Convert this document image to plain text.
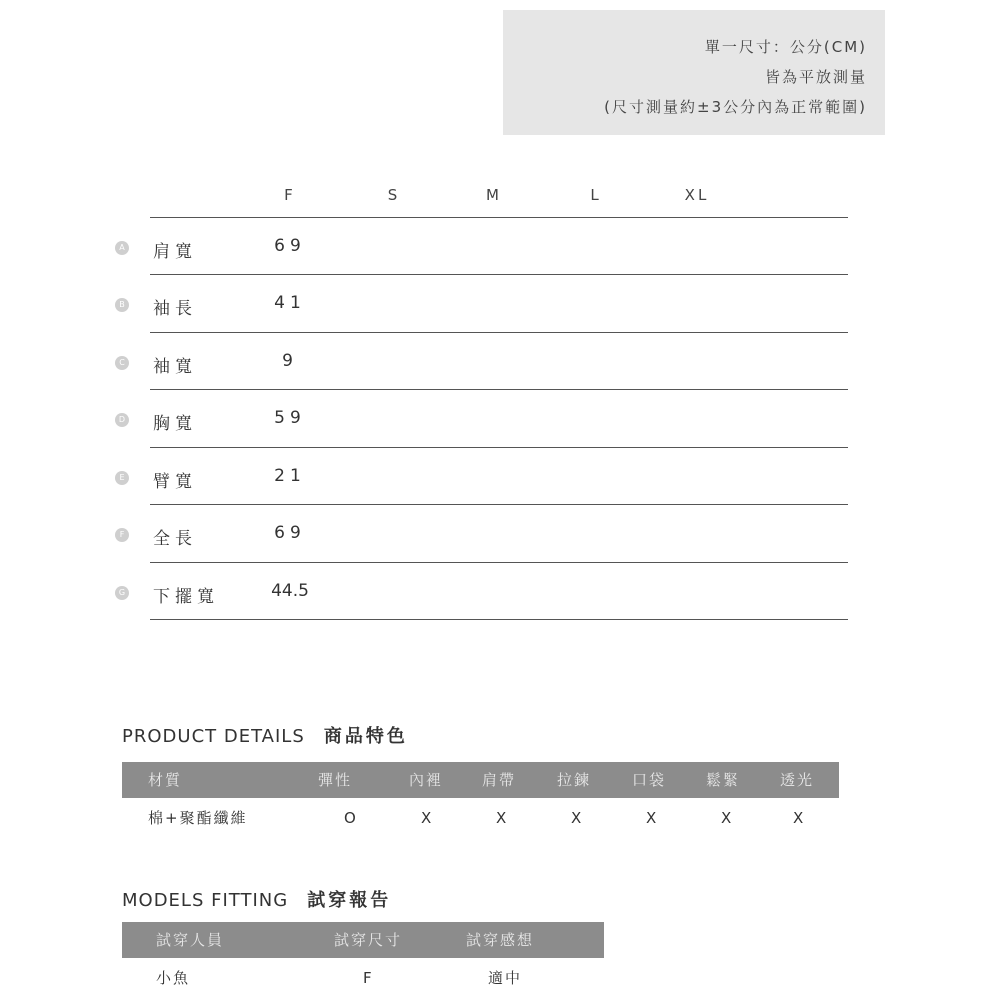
單一尺寸：公分(CM)
皆為平放測量
(尺寸測量約±3公分內為正常範圍)
F	S	M	L	XL
A 肩寬	69
B 袖長	41
C 袖寬	9
D 胸寬	59
E 臂寬	21
F 全長	69
G 下擺寬	44.5
PRODUCT DETAILS 商品特色
材質	彈性	內裡	肩帶	拉鍊	口袋	鬆緊	透光
棉+聚酯纖維	O	X	X	X	X	X	X
MODELS FITTING 試穿報告
試穿人員	試穿尺寸	試穿感想
小魚	F	適中
